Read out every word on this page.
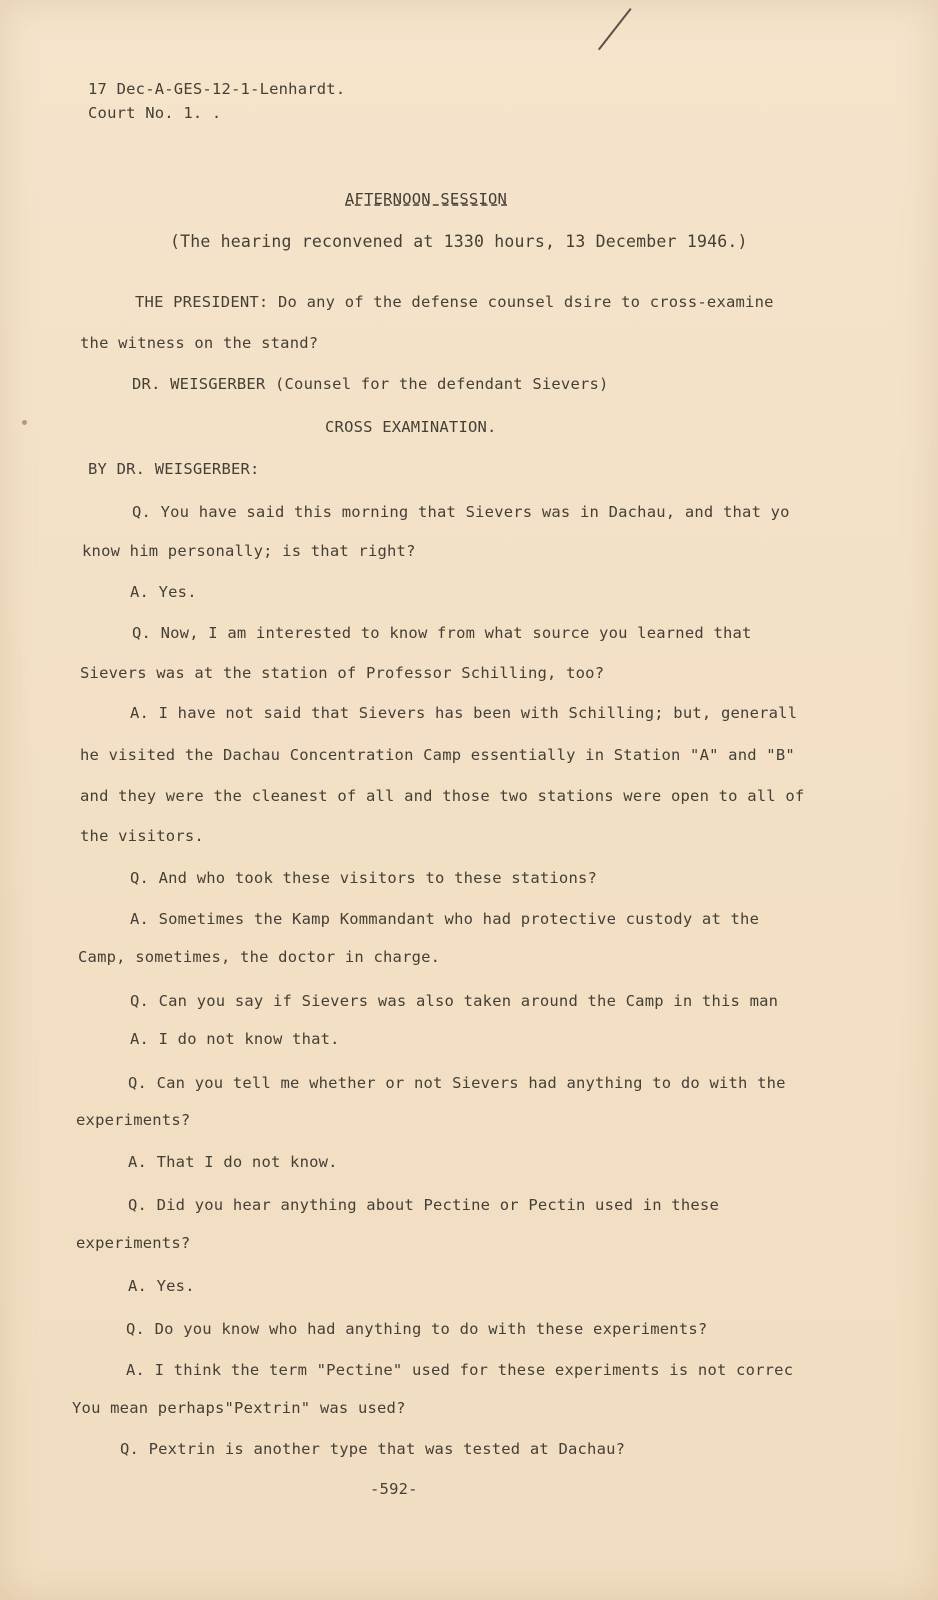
17 Dec-A-GES-12-1-Lenhardt.
Court No. 1. .
AFTERNOON SESSION
(The hearing reconvened at 1330 hours, 13 December 1946.)
THE PRESIDENT: Do any of the defense counsel dsire to cross-examine
the witness on the stand?
DR. WEISGERBER (Counsel for the defendant Sievers)
CROSS EXAMINATION.
BY DR. WEISGERBER:
Q. You have said this morning that Sievers was in Dachau, and that yo
know him personally; is that right?
A. Yes.
Q. Now, I am interested to know from what source you learned that
Sievers was at the station of Professor Schilling, too?
A. I have not said that Sievers has been with Schilling; but, generall
he visited the Dachau Concentration Camp essentially in Station "A" and "B"
and they were the cleanest of all and those two stations were open to all of
the visitors.
Q. And who took these visitors to these stations?
A. Sometimes the Kamp Kommandant who had protective custody at the
Camp, sometimes, the doctor in charge.
Q. Can you say if Sievers was also taken around the Camp in this man
A. I do not know that.
Q. Can you tell me whether or not Sievers had anything to do with the
experiments?
A. That I do not know.
Q. Did you hear anything about Pectine or Pectin used in these
experiments?
A. Yes.
Q. Do you know who had anything to do with these experiments?
A. I think the term "Pectine" used for these experiments is not correc
You mean perhaps"Pextrin" was used?
Q. Pextrin is another type that was tested at Dachau?
-592-
